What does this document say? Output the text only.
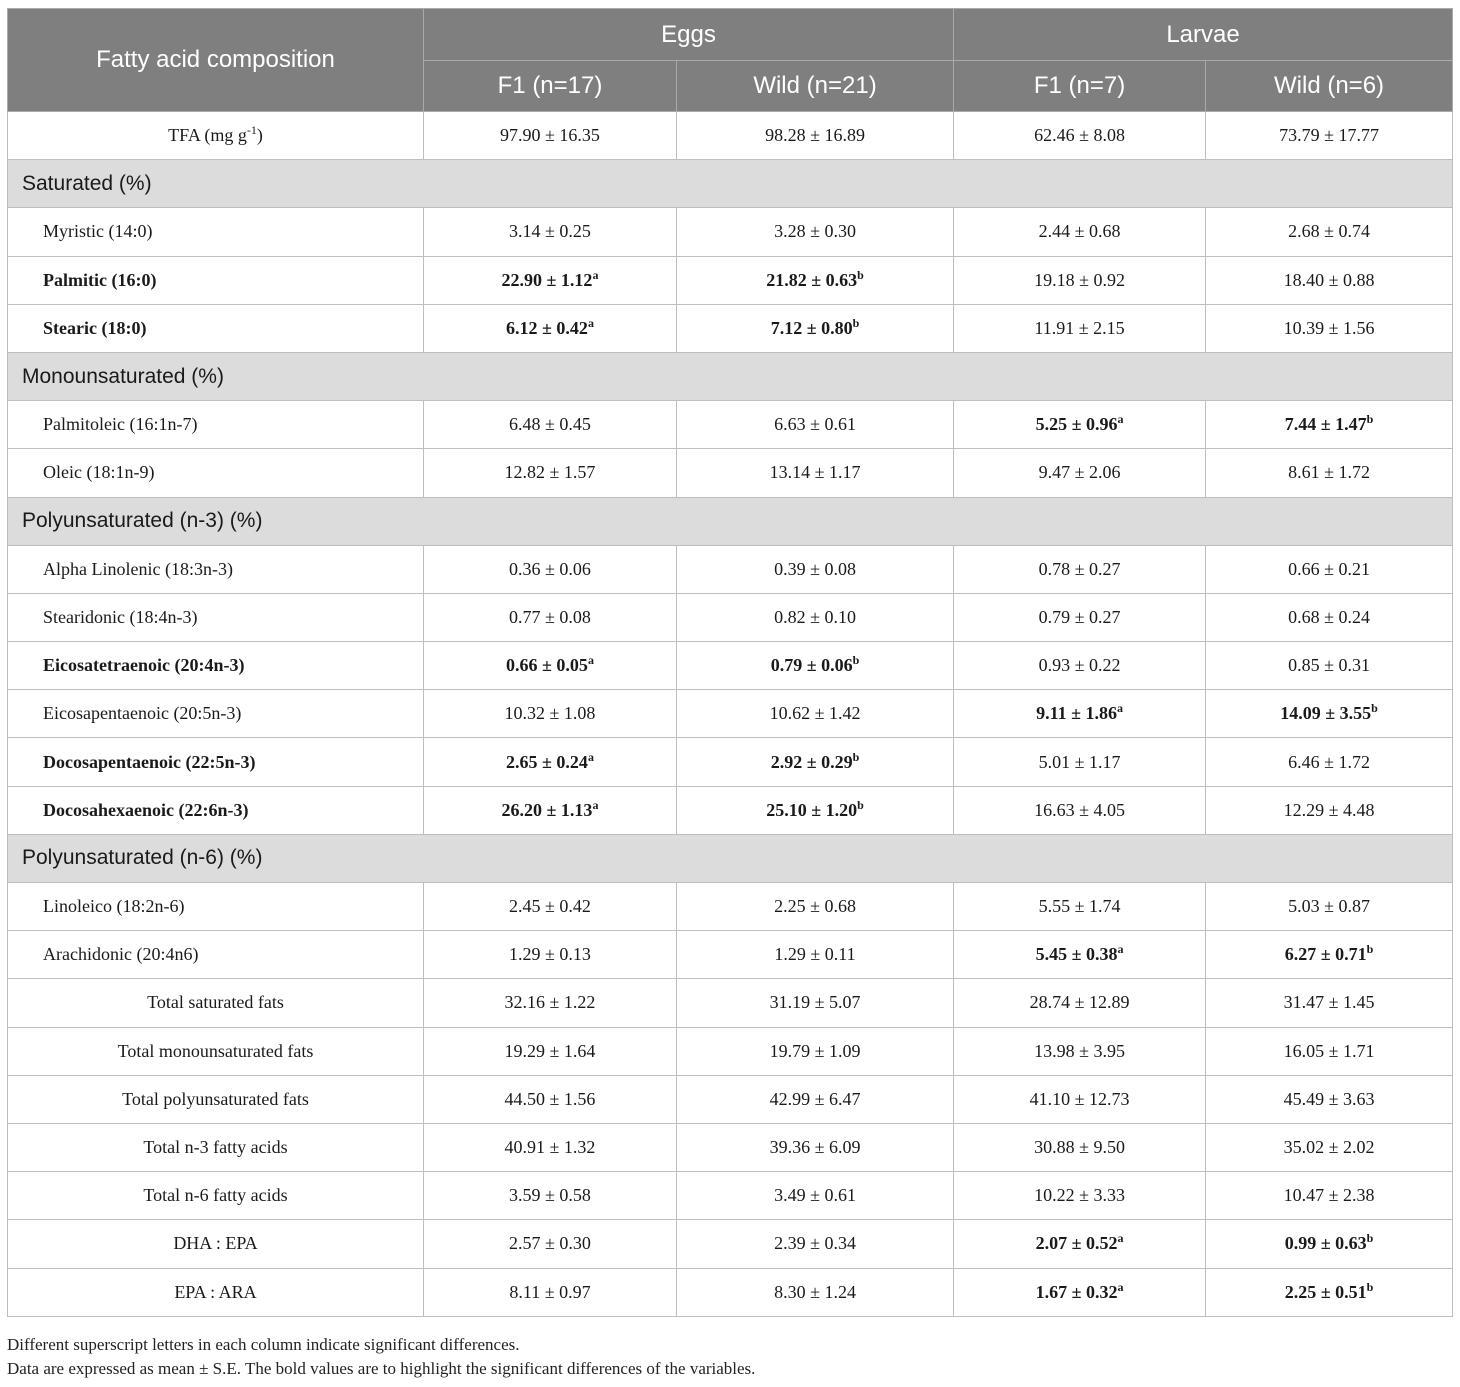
Fatty acid composition	Eggs		Larvae	
	F1 (n=17)	Wild (n=21)	F1 (n=7)	Wild (n=6)
TFA (mg $g^{-1}$)	97.90 ± 16.35	98.28 ± 16.89	62.46 ± 8.08	73.79 ± 17.77
Saturated (%)				
Myristic (14:0)	3.14 ± 0.25	3.28 ± 0.30	2.44 ± 0.68	2.68 ± 0.74
Palmitic (16:0)	22.90 ± 1.12$^a$	21.82 ± 0.63$^b$	19.18 ± 0.92	18.40 ± 0.88
Stearic (18:0)	6.12 ± 0.42$^a$	7.12 ± 0.80$^b$	11.91 ± 2.15	10.39 ± 1.56
Monounsaturated (%)				
Palmitoleic (16:1n-7)	6.48 ± 0.45	6.63 ± 0.61	5.25 ± 0.96$^a$	7.44 ± 1.47$^b$
Oleic (18:1n-9)	12.82 ± 1.57	13.14 ± 1.17	9.47 ± 2.06	8.61 ± 1.72
Polyunsaturated (n-3) (%)				
Alpha Linolenic (18:3n-3)	0.36 ± 0.06	0.39 ± 0.08	0.78 ± 0.27	0.66 ± 0.21
Stearidonic (18:4n-3)	0.77 ± 0.08	0.82 ± 0.10	0.79 ± 0.27	0.68 ± 0.24
Eicosatetraenoic (20:4n-3)	0.66 ± 0.05$^a$	0.79 ± 0.06$^b$	0.93 ± 0.22	0.85 ± 0.31
Eicosapentaenoic (20:5n-3)	10.32 ± 1.08	10.62 ± 1.42	9.11 ± 1.86$^a$	14.09 ± 3.55$^b$
Docosapentaenoic (22:5n-3)	2.65 ± 0.24$^a$	2.92 ± 0.29$^b$	5.01 ± 1.17	6.46 ± 1.72
Docosahexaenoic (22:6n-3)	26.20 ± 1.13$^a$	25.10 ± 1.20$^b$	16.63 ± 4.05	12.29 ± 4.48
Polyunsaturated (n-6) (%)				
Linoleico (18:2n-6)	2.45 ± 0.42	2.25 ± 0.68	5.55 ± 1.74	5.03 ± 0.87
Arachidonic (20:4n6)	1.29 ± 0.13	1.29 ± 0.11	5.45 ± 0.38$^a$	6.27 ± 0.71$^b$
Total saturated fats	32.16 ± 1.22	31.19 ± 5.07	28.74 ± 12.89	31.47 ± 1.45
Total monounsaturated fats	19.29 ± 1.64	19.79 ± 1.09	13.98 ± 3.95	16.05 ± 1.71
Total polyunsaturated fats	44.50 ± 1.56	42.99 ± 6.47	41.10 ± 12.73	45.49 ± 3.63
Total n-3 fatty acids	40.91 ± 1.32	39.36 ± 6.09	30.88 ± 9.50	35.02 ± 2.02
Total n-6 fatty acids	3.59 ± 0.58	3.49 ± 0.61	10.22 ± 3.33	10.47 ± 2.38
DHA : EPA	2.57 ± 0.30	2.39 ± 0.34	2.07 ± 0.52$^a$	0.99 ± 0.63$^b$
EPA : ARA	8.11 ± 0.97	8.30 ± 1.24	1.67 ± 0.32$^a$	2.25 ± 0.51$^b$
Different superscript letters in each column indicate significant differences.
Data are expressed as mean ± S.E. The bold values are to highlight the significant differences of the variables.
